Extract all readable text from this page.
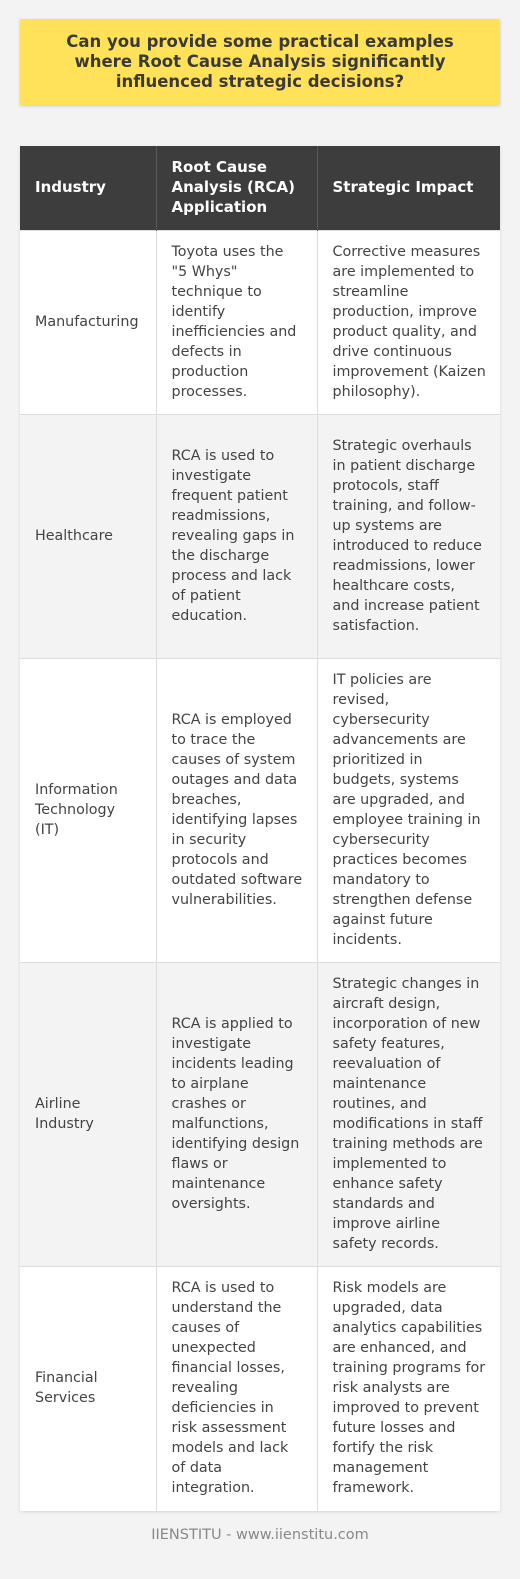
Can you provide some practical examples where Root Cause Analysis significantly influenced strategic decisions?
Industry	Root Cause Analysis (RCA) Application	Strategic Impact
Manufacturing	Toyota uses the "5 Whys" technique to identify inefficiencies and defects in production processes.	Corrective measures are implemented to streamline production, improve product quality, and drive continuous improvement (Kaizen philosophy).
Healthcare	RCA is used to investigate frequent patient readmissions, revealing gaps in the discharge process and lack of patient education.	Strategic overhauls in patient discharge protocols, staff training, and follow-up systems are introduced to reduce readmissions, lower healthcare costs, and increase patient satisfaction.
Information Technology (IT)	RCA is employed to trace the causes of system outages and data breaches, identifying lapses in security protocols and outdated software vulnerabilities.	IT policies are revised, cybersecurity advancements are prioritized in budgets, systems are upgraded, and employee training in cybersecurity practices becomes mandatory to strengthen defense against future incidents.
Airline Industry	RCA is applied to investigate incidents leading to airplane crashes or malfunctions, identifying design flaws or maintenance oversights.	Strategic changes in aircraft design, incorporation of new safety features, reevaluation of maintenance routines, and modifications in staff training methods are implemented to enhance safety standards and improve airline safety records.
Financial Services	RCA is used to understand the causes of unexpected financial losses, revealing deficiencies in risk assessment models and lack of data integration.	Risk models are upgraded, data analytics capabilities are enhanced, and training programs for risk analysts are improved to prevent future losses and fortify the risk management framework.
IIENSTITU - www.iienstitu.com
